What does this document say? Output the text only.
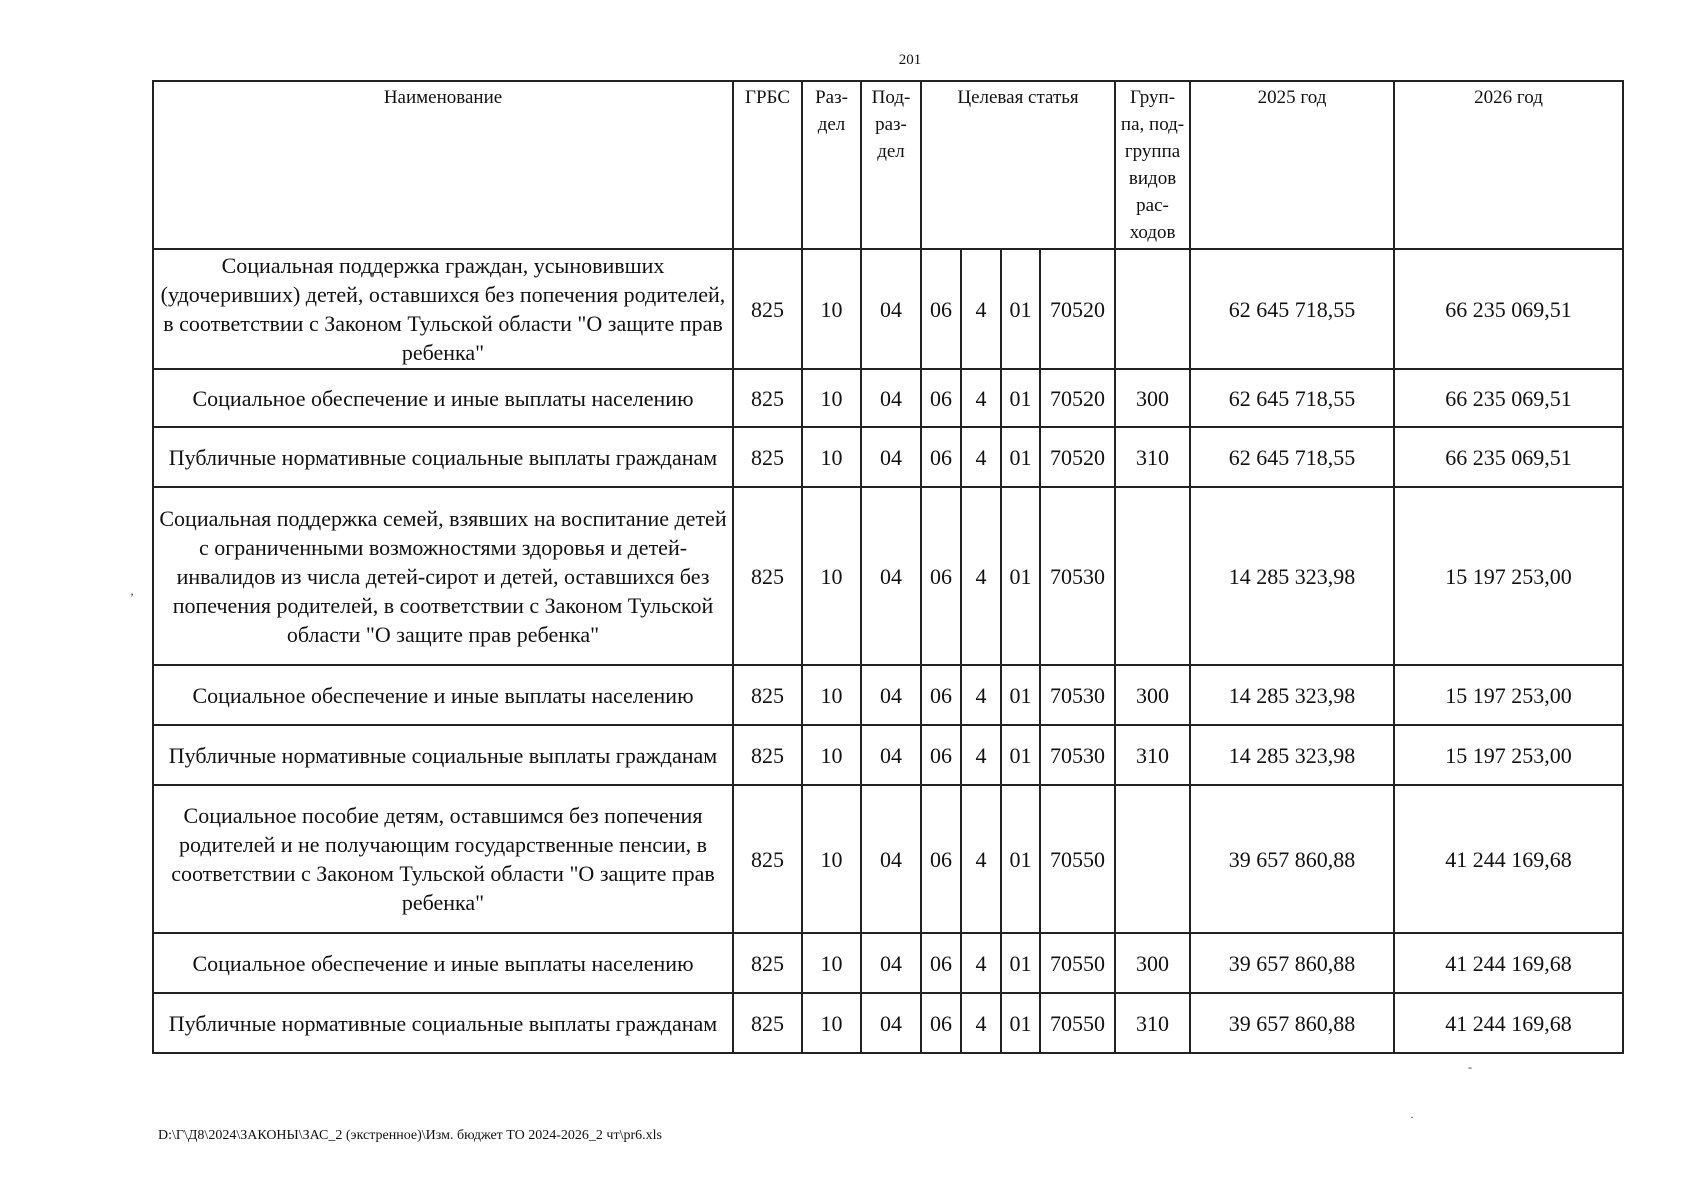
201
Наименование	ГРБС	Раз- дел	Под- раз- дел	Целевая статья				Груп- па, под- группа видов рас- ходов	2025 год	2026 год
Социальная поддержка граждан, усыновивших (удочеривших) детей, оставшихся без попечения родителей, в соответствии с Законом Тульской области "О защите прав ребенка"	825	10	04	06	4	01	70520		62 645 718,55	66 235 069,51
Социальное обеспечение и иные выплаты населению	825	10	04	06	4	01	70520	300	62 645 718,55	66 235 069,51
Публичные нормативные социальные выплаты гражданам	825	10	04	06	4	01	70520	310	62 645 718,55	66 235 069,51
Социальная поддержка семей, взявших на воспитание детей с ограниченными возможностями здоровья и детей-инвалидов из числа детей-сирот и детей, оставшихся без попечения родителей, в соответствии с Законом Тульской области "О защите прав ребенка"	825	10	04	06	4	01	70530		14 285 323,98	15 197 253,00
Социальное обеспечение и иные выплаты населению	825	10	04	06	4	01	70530	300	14 285 323,98	15 197 253,00
Публичные нормативные социальные выплаты гражданам	825	10	04	06	4	01	70530	310	14 285 323,98	15 197 253,00
Социальное пособие детям, оставшимся без попечения родителей и не получающим государственные пенсии, в соответствии с Законом Тульской области "О защите прав ребенка"	825	10	04	06	4	01	70550		39 657 860,88	41 244 169,68
Социальное обеспечение и иные выплаты населению	825	10	04	06	4	01	70550	300	39 657 860,88	41 244 169,68
Публичные нормативные социальные выплаты гражданам	825	10	04	06	4	01	70550	310	39 657 860,88	41 244 169,68
’
-
·
D:\Г\Д8\2024\ЗАКОНЫ\ЗАС_2 (экстренное)\Изм. бюджет ТО 2024-2026_2 чт\pr6.xls
